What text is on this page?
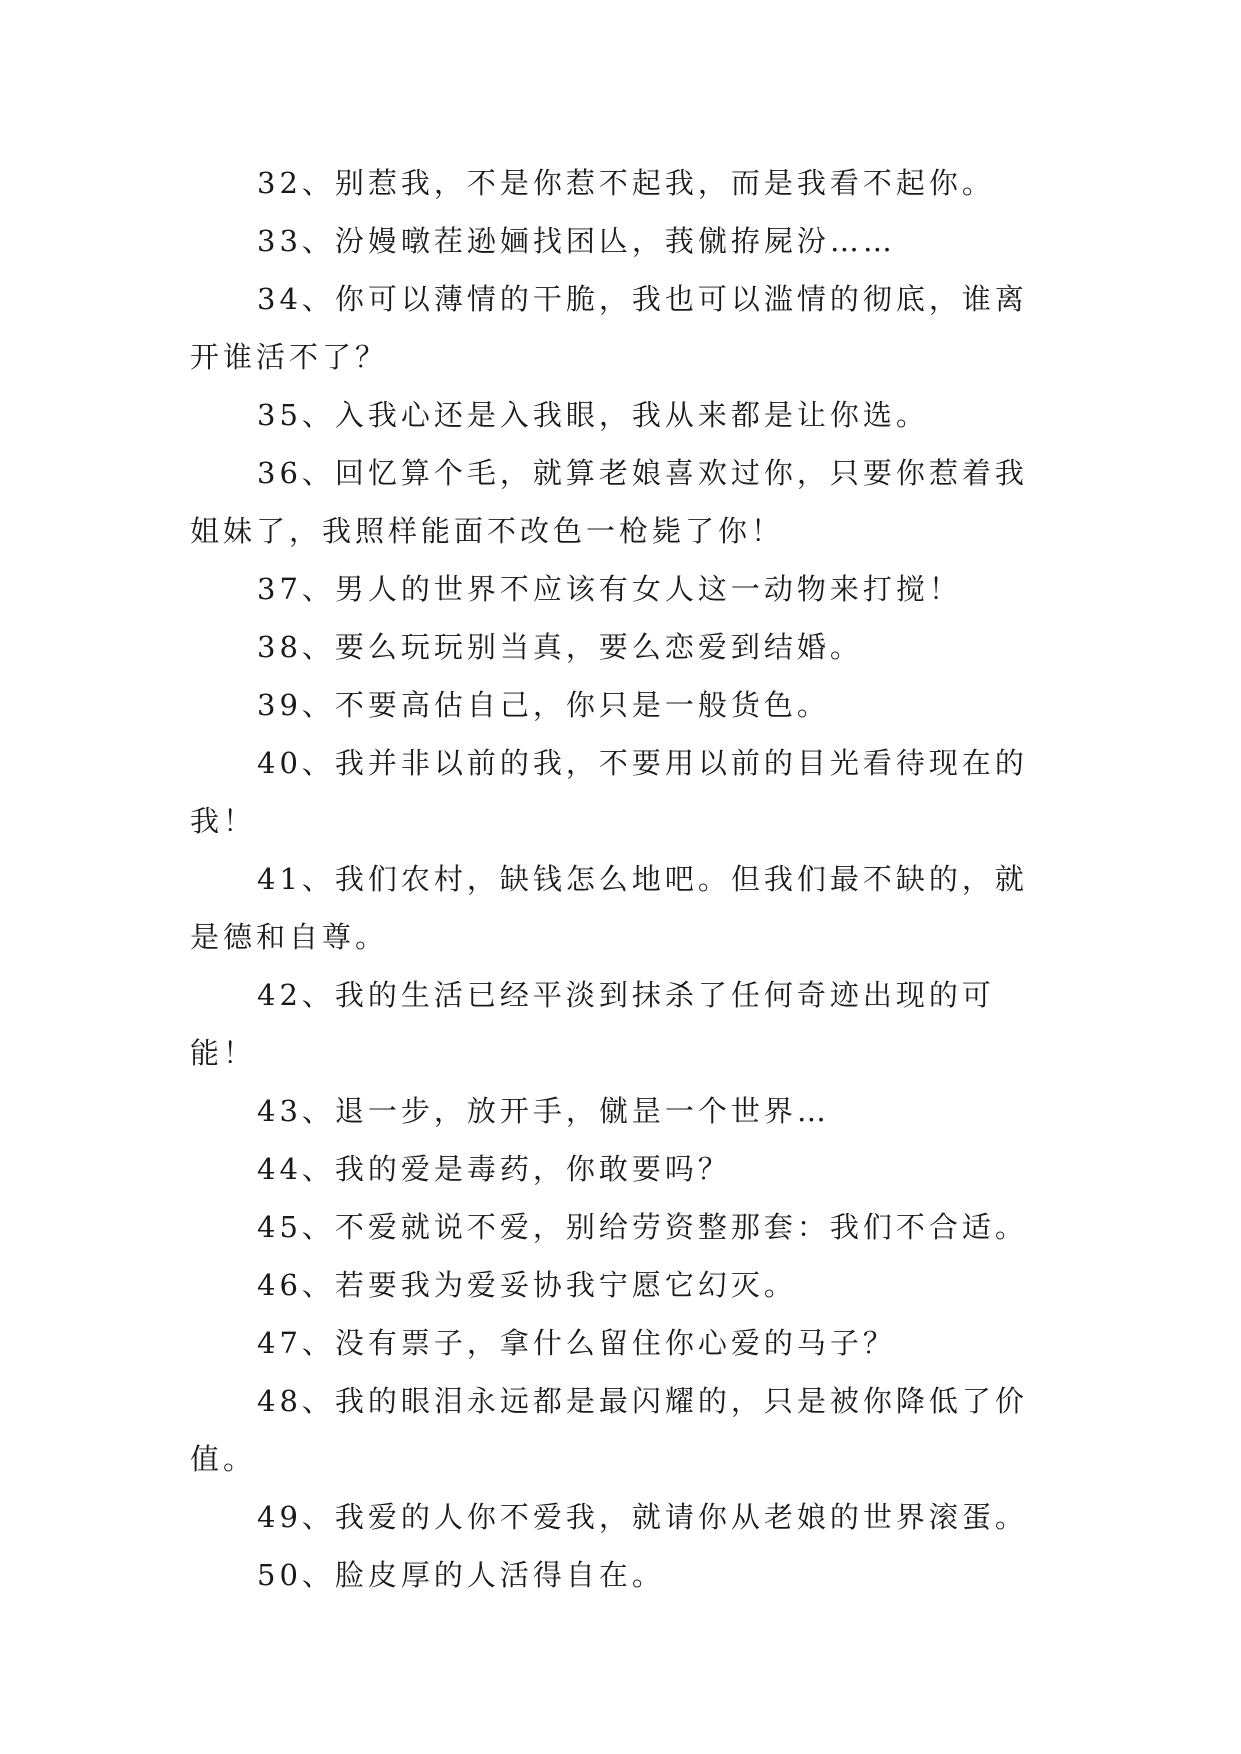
32、别惹我，不是你惹不起我，而是我看不起你。

33、汾嫚暾茬逊婳找囨亾，莪僦拵屍汾……

34、你可以薄情的干脆，我也可以滥情的彻底，谁离开谁活不了？

35、入我心还是入我眼，我从来都是让你选。

36、回忆算个毛，就算老娘喜欢过你，只要你惹着我姐妹了，我照样能面不改色一枪毙了你！

37、男人的世界不应该有女人这一动物来打搅！

38、要么玩玩别当真，要么恋爱到结婚。

39、不要高估自己，你只是一般货色。

40、我并非以前的我，不要用以前的目光看待现在的我！

41、我们农村，缺钱怎么地吧。但我们最不缺的，就是德和自尊。

42、我的生活已经平淡到抹杀了任何奇迹出现的可能！

43、退一步，放开手，僦昰一个世界…

44、我的爱是毒药，你敢要吗？

45、不爱就说不爱，别给劳资整那套：我们不合适。

46、若要我为爱妥协我宁愿它幻灭。

47、没有票子，拿什么留住你心爱的马子？

48、我的眼泪永远都是最闪耀的，只是被你降低了价值。

49、我爱的人你不爱我，就请你从老娘的世界滚蛋。

50、脸皮厚的人活得自在。
